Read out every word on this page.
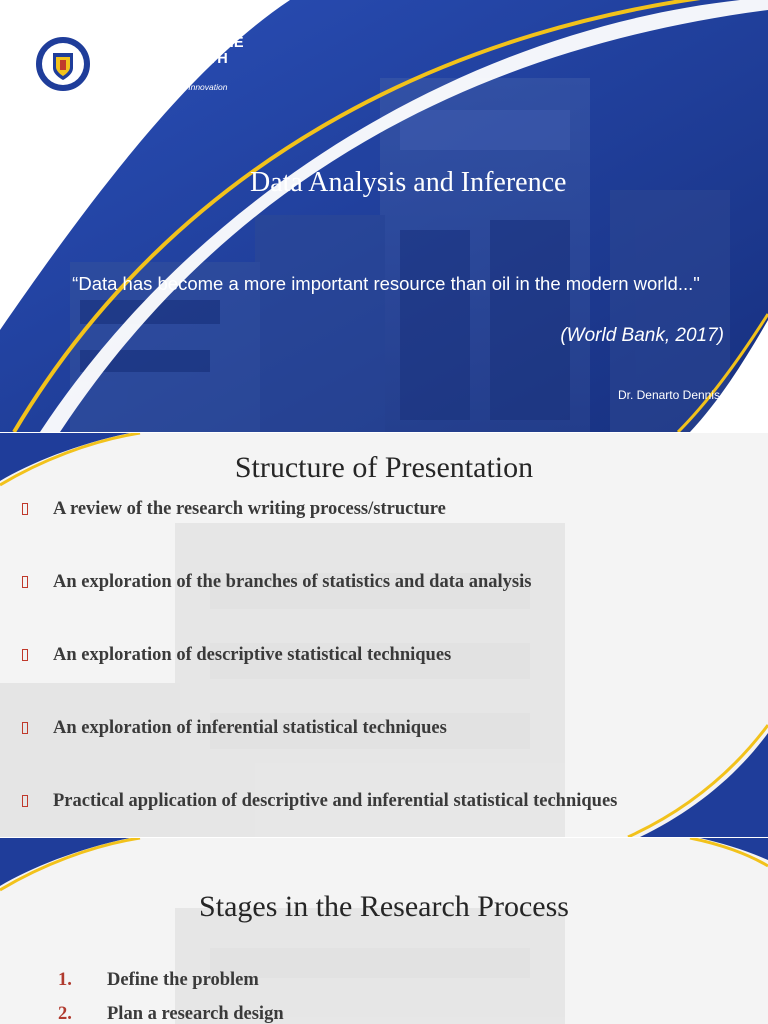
UNIVERSITY OF THE
COMMONWEALTH
CARIBBEAN
Fostering Leadership & Innovation
Data Analysis and Inference
“Data has become a more important resource than oil in the modern world..."
(World Bank, 2017)
Dr. Denarto Dennis
Structure of Presentation
A review of the research writing process/structure
An exploration of the branches of statistics and data analysis
An exploration of descriptive statistical techniques
An exploration of inferential statistical techniques
Practical application of descriptive and inferential statistical techniques
Stages in the Research Process
1. Define the problem
2. Plan a research design
